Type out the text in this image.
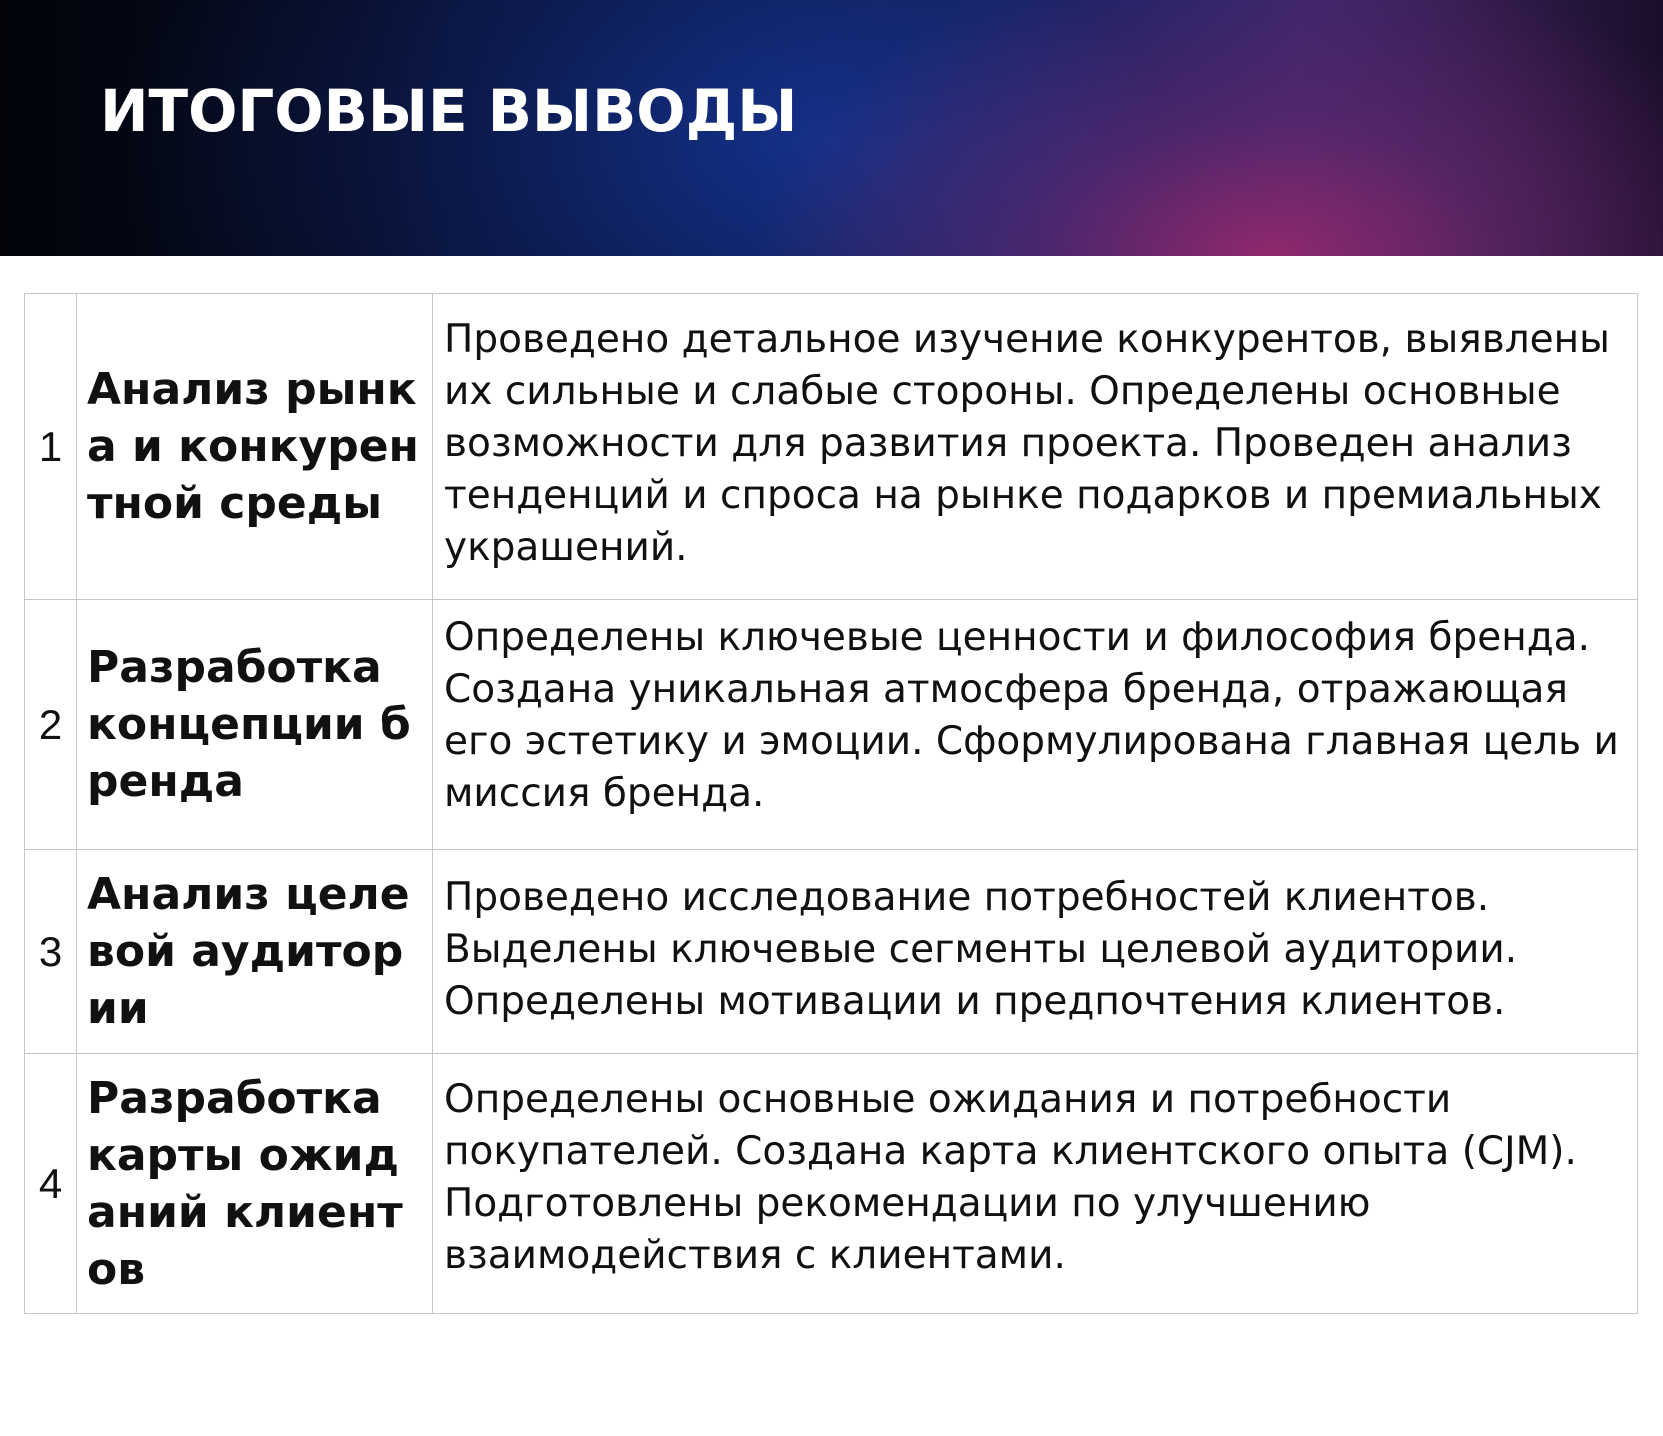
ИТОГОВЫЕ ВЫВОДЫ
1	Анализ рынка и конкурентной среды	Проведено детальное изучение конкурентов, выявлены их сильные и слабые стороны. Определены основные возможности для развития проекта. Проведен анализ тенденций и спроса на рынке подарков и премиальных украшений.
2	Разработка концепции бренда	Определены ключевые ценности и философия бренда. Создана уникальная атмосфера бренда, отражающая его эстетику и эмоции. Сформулирована главная цель и миссия бренда.
3	Анализ целевой аудитории	Проведено исследование потребностей клиентов. Выделены ключевые сегменты целевой аудитории. Определены мотивации и предпочтения клиентов.
4	Разработка карты ожиданий клиентов	Определены основные ожидания и потребности покупателей. Создана карта клиентского опыта (CJM). Подготовлены рекомендации по улучшению взаимодействия с клиентами.
